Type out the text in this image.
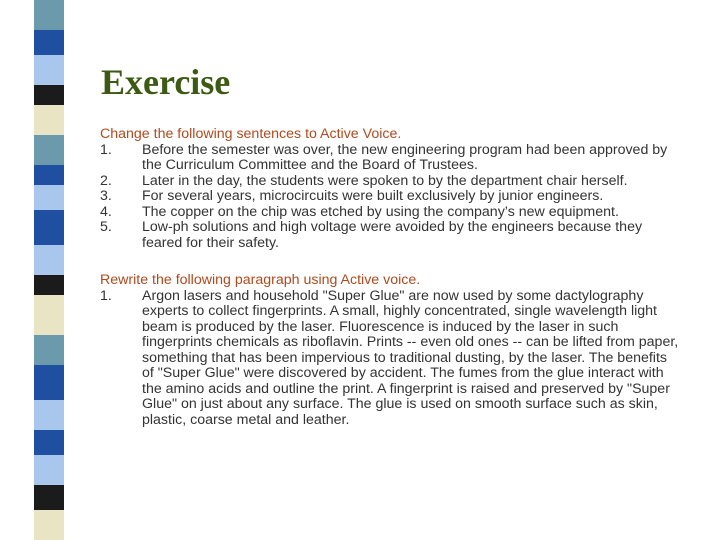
Exercise

Change the following sentences to Active Voice.

1. Before the semester was over, the new engineering program had been approved by the Curriculum Committee and the Board of Trustees.
2. Later in the day, the students were spoken to by the department chair herself.
3. For several years, microcircuits were built exclusively by junior engineers.
4. The copper on the chip was etched by using the company’s new equipment.
5. Low-ph solutions and high voltage were avoided by the engineers because they feared for their safety.

Rewrite the following paragraph using Active voice.

1. Argon lasers and household "Super Glue" are now used by some dactylography experts to collect fingerprints. A small, highly concentrated, single wavelength light beam is produced by the laser. Fluorescence is induced by the laser in such fingerprints chemicals as riboflavin. Prints -- even old ones -- can be lifted from paper, something that has been impervious to traditional dusting, by the laser. The benefits of "Super Glue" were discovered by accident. The fumes from the glue interact with the amino acids and outline the print. A fingerprint is raised and preserved by "Super Glue" on just about any surface. The glue is used on smooth surface such as skin, plastic, coarse metal and leather.
